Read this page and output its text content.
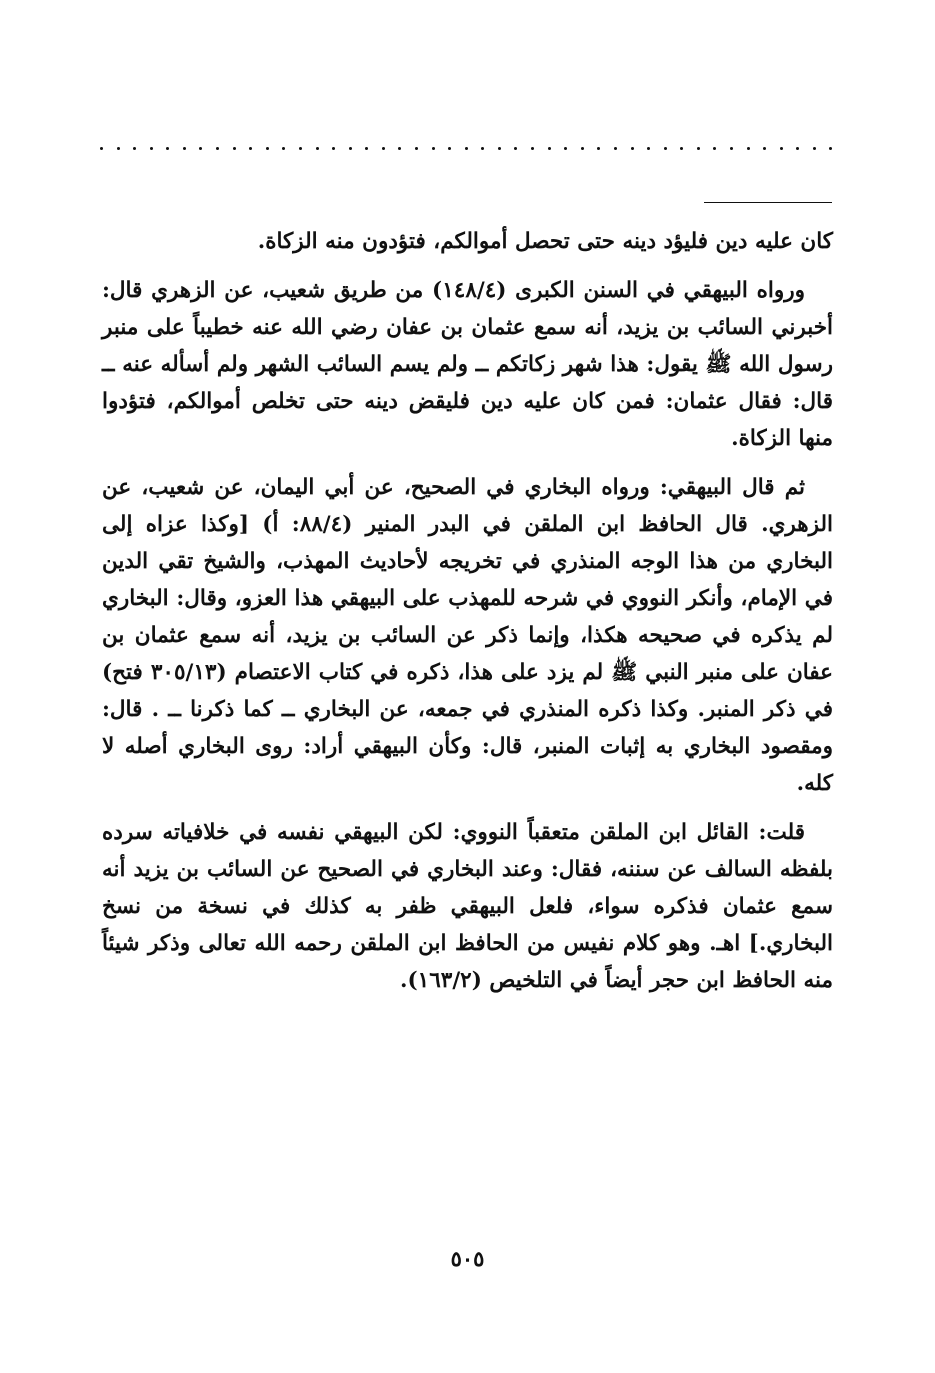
كان عليه دين فليؤد دينه حتى تحصل أموالكم، فتؤدون منه الزكاة.

ورواه البيهقي في السنن الكبرى (١٤٨/٤) من طريق شعيب، عن الزهري قال: أخبرني السائب بن يزيد، أنه سمع عثمان بن عفان رضي الله عنه خطيباً على منبر رسول الله ﷺ يقول: هذا شهر زكاتكم ــ ولم يسم السائب الشهر ولم أسأله عنه ــ قال: فقال عثمان: فمن كان عليه دين فليقض دينه حتى تخلص أموالكم، فتؤدوا منها الزكاة.

ثم قال البيهقي: ورواه البخاري في الصحيح، عن أبي اليمان، عن شعيب، عن الزهري. قال الحافظ ابن الملقن في البدر المنير (٨٨/٤: أ) [وكذا عزاه إلى البخاري من هذا الوجه المنذري في تخريجه لأحاديث المهذب، والشيخ تقي الدين في الإمام، وأنكر النووي في شرحه للمهذب على البيهقي هذا العزو، وقال: البخاري لم يذكره في صحيحه هكذا، وإنما ذكر عن السائب بن يزيد، أنه سمع عثمان بن عفان على منبر النبي ﷺ لم يزد على هذا، ذكره في كتاب الاعتصام (٣٠٥/١٣ فتح) في ذكر المنبر. وكذا ذكره المنذري في جمعه، عن البخاري ــ كما ذكرنا ــ . قال: ومقصود البخاري به إثبات المنبر، قال: وكأن البيهقي أراد: روى البخاري أصله لا كله.

قلت: القائل ابن الملقن متعقباً النووي: لكن البيهقي نفسه في خلافياته سرده بلفظه السالف عن سننه، فقال: وعند البخاري في الصحيح عن السائب بن يزيد أنه سمع عثمان فذكره سواء، فلعل البيهقي ظفر به كذلك في نسخة من نسخ البخاري.] اهـ. وهو كلام نفيس من الحافظ ابن الملقن رحمه الله تعالى وذكر شيئاً منه الحافظ ابن حجر أيضاً في التلخيص (١٦٣/٢).

٥٠٥
